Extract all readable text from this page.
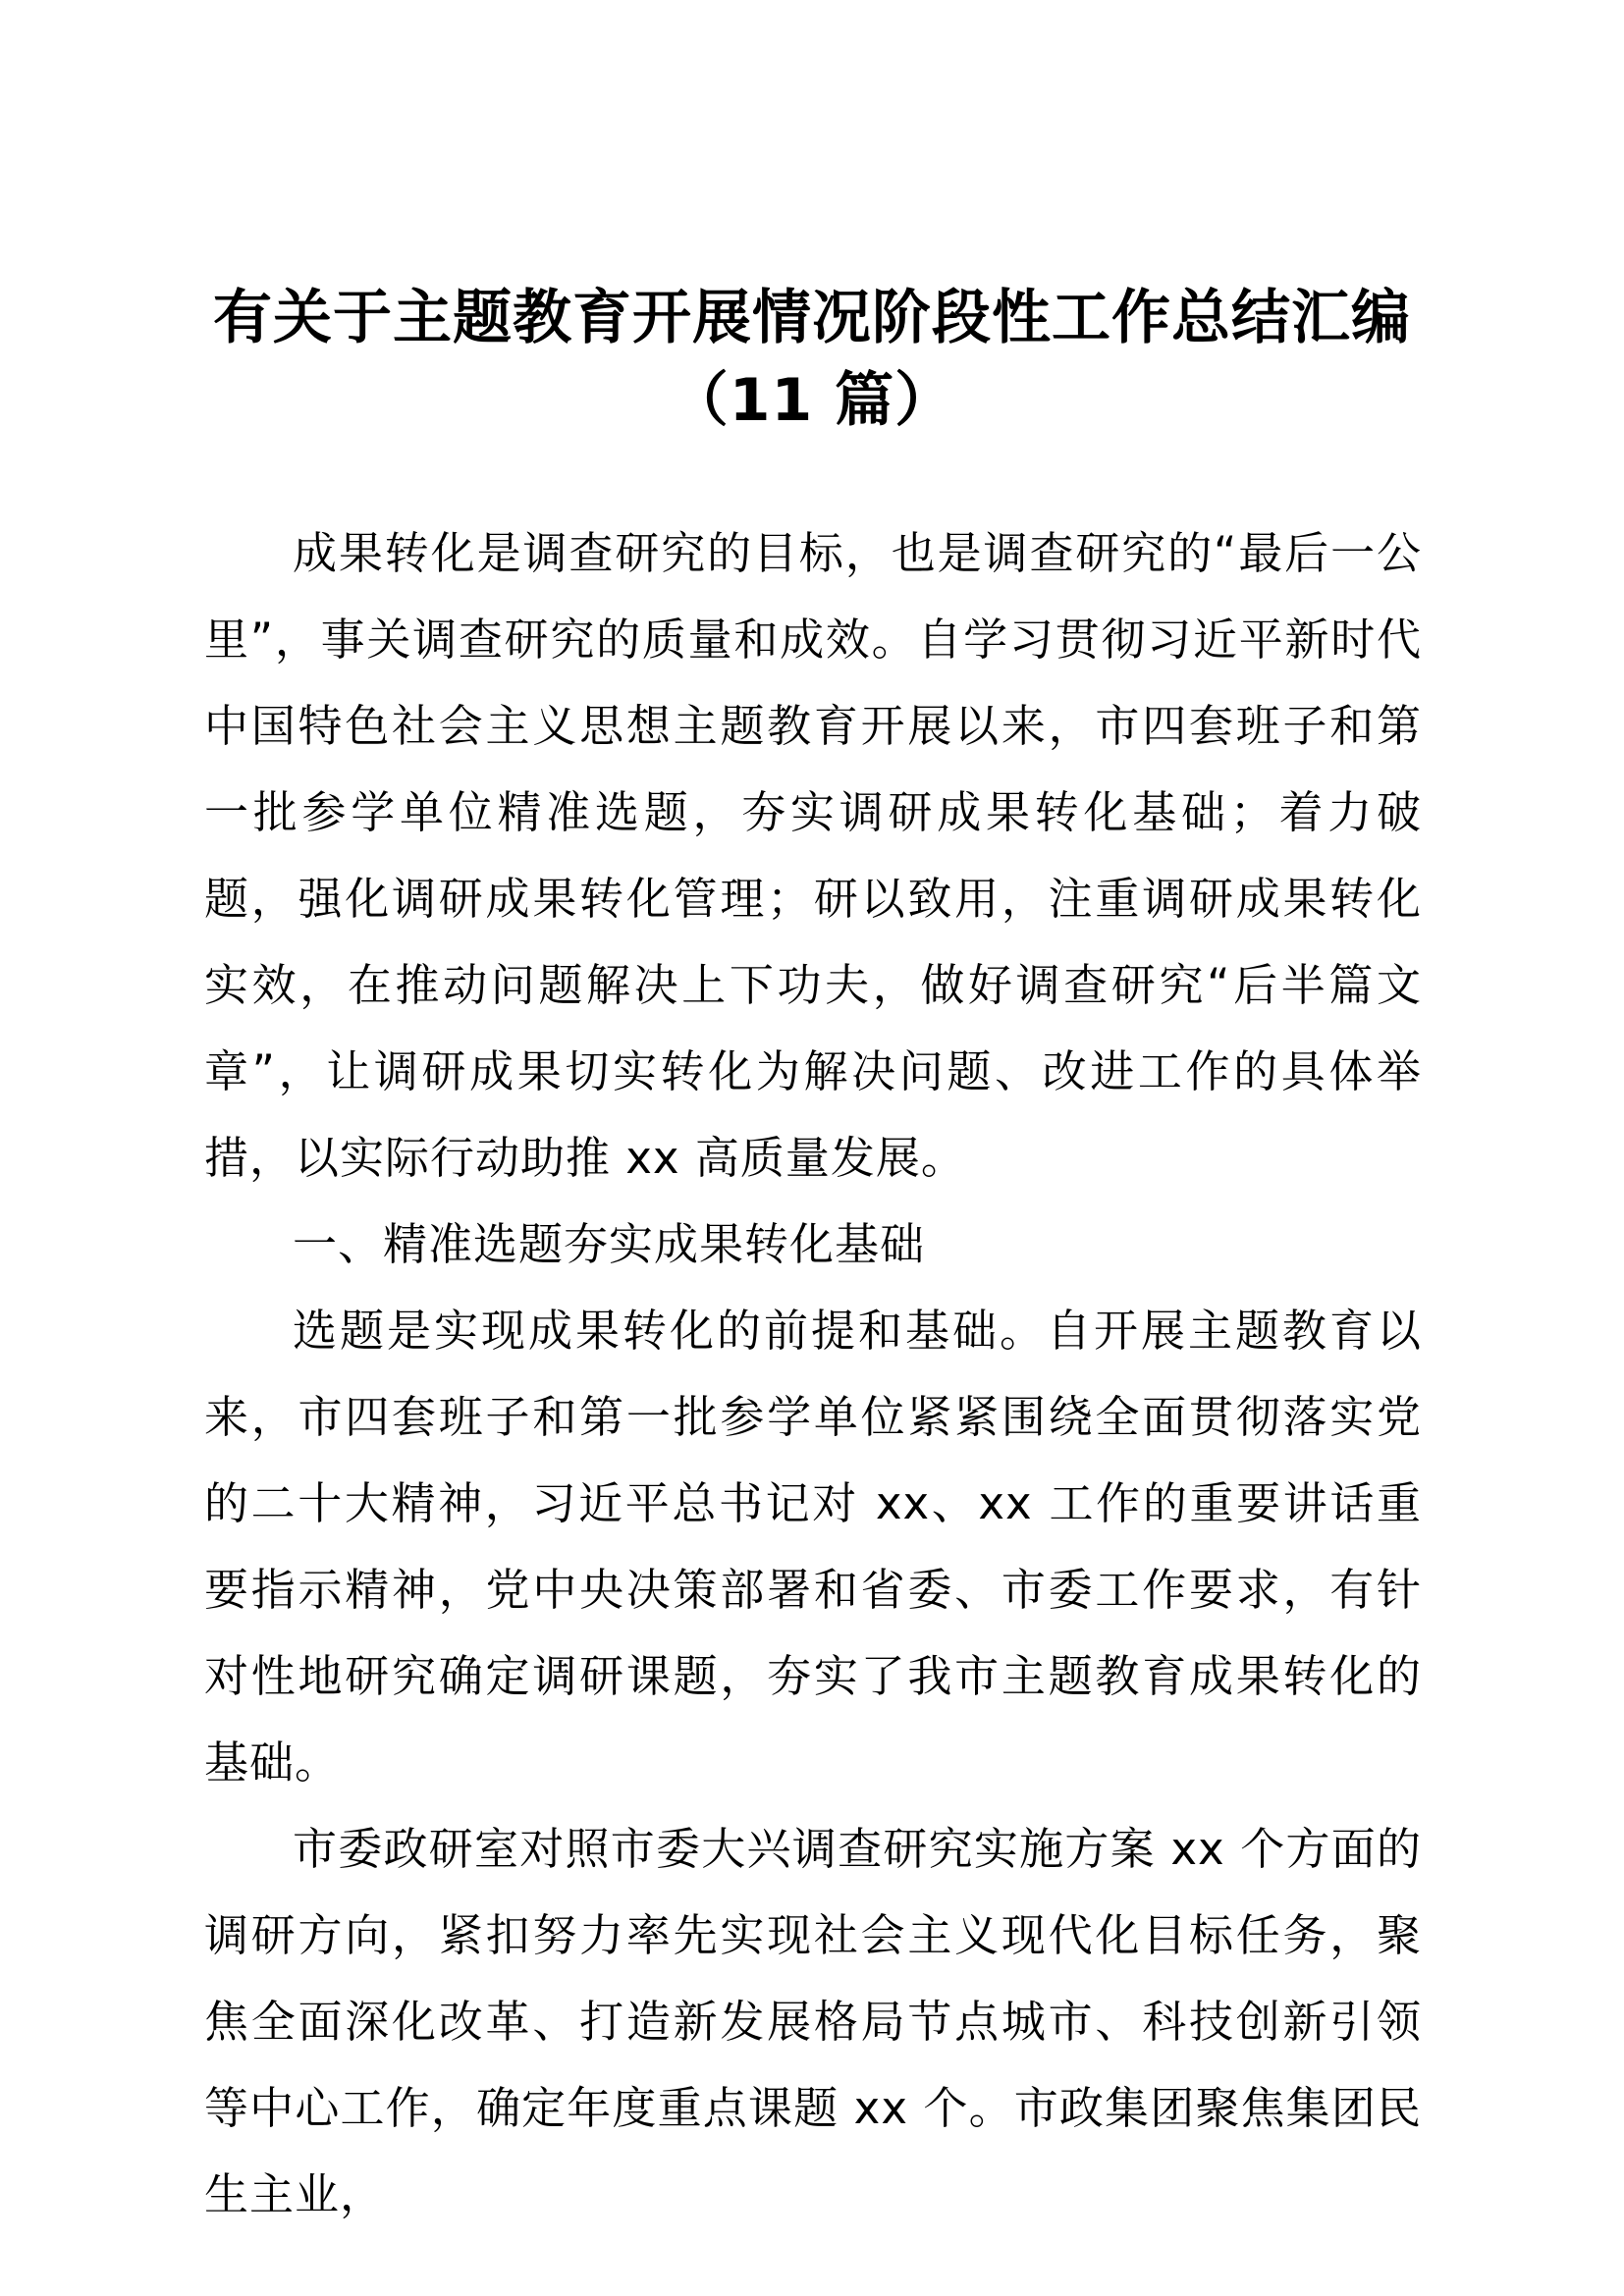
有关于主题教育开展情况阶段性工作总结汇编
（11 篇）

成果转化是调查研究的目标，也是调查研究的“最后一公里”，事关调查研究的质量和成效。自学习贯彻习近平新时代中国特色社会主义思想主题教育开展以来，市四套班子和第一批参学单位精准选题，夯实调研成果转化基础；着力破题，强化调研成果转化管理；研以致用，注重调研成果转化实效，在推动问题解决上下功夫，做好调查研究“后半篇文章”，让调研成果切实转化为解决问题、改进工作的具体举措，以实际行动助推 xx 高质量发展。

一、精准选题夯实成果转化基础

选题是实现成果转化的前提和基础。自开展主题教育以来，市四套班子和第一批参学单位紧紧围绕全面贯彻落实党的二十大精神，习近平总书记对 xx、xx 工作的重要讲话重要指示精神，党中央决策部署和省委、市委工作要求，有针对性地研究确定调研课题，夯实了我市主题教育成果转化的基础。

市委政研室对照市委大兴调查研究实施方案 xx 个方面的调研方向，紧扣努力率先实现社会主义现代化目标任务，聚焦全面深化改革、打造新发展格局节点城市、科技创新引领等中心工作，确定年度重点课题 xx 个。市政集团聚焦集团民生主业，
